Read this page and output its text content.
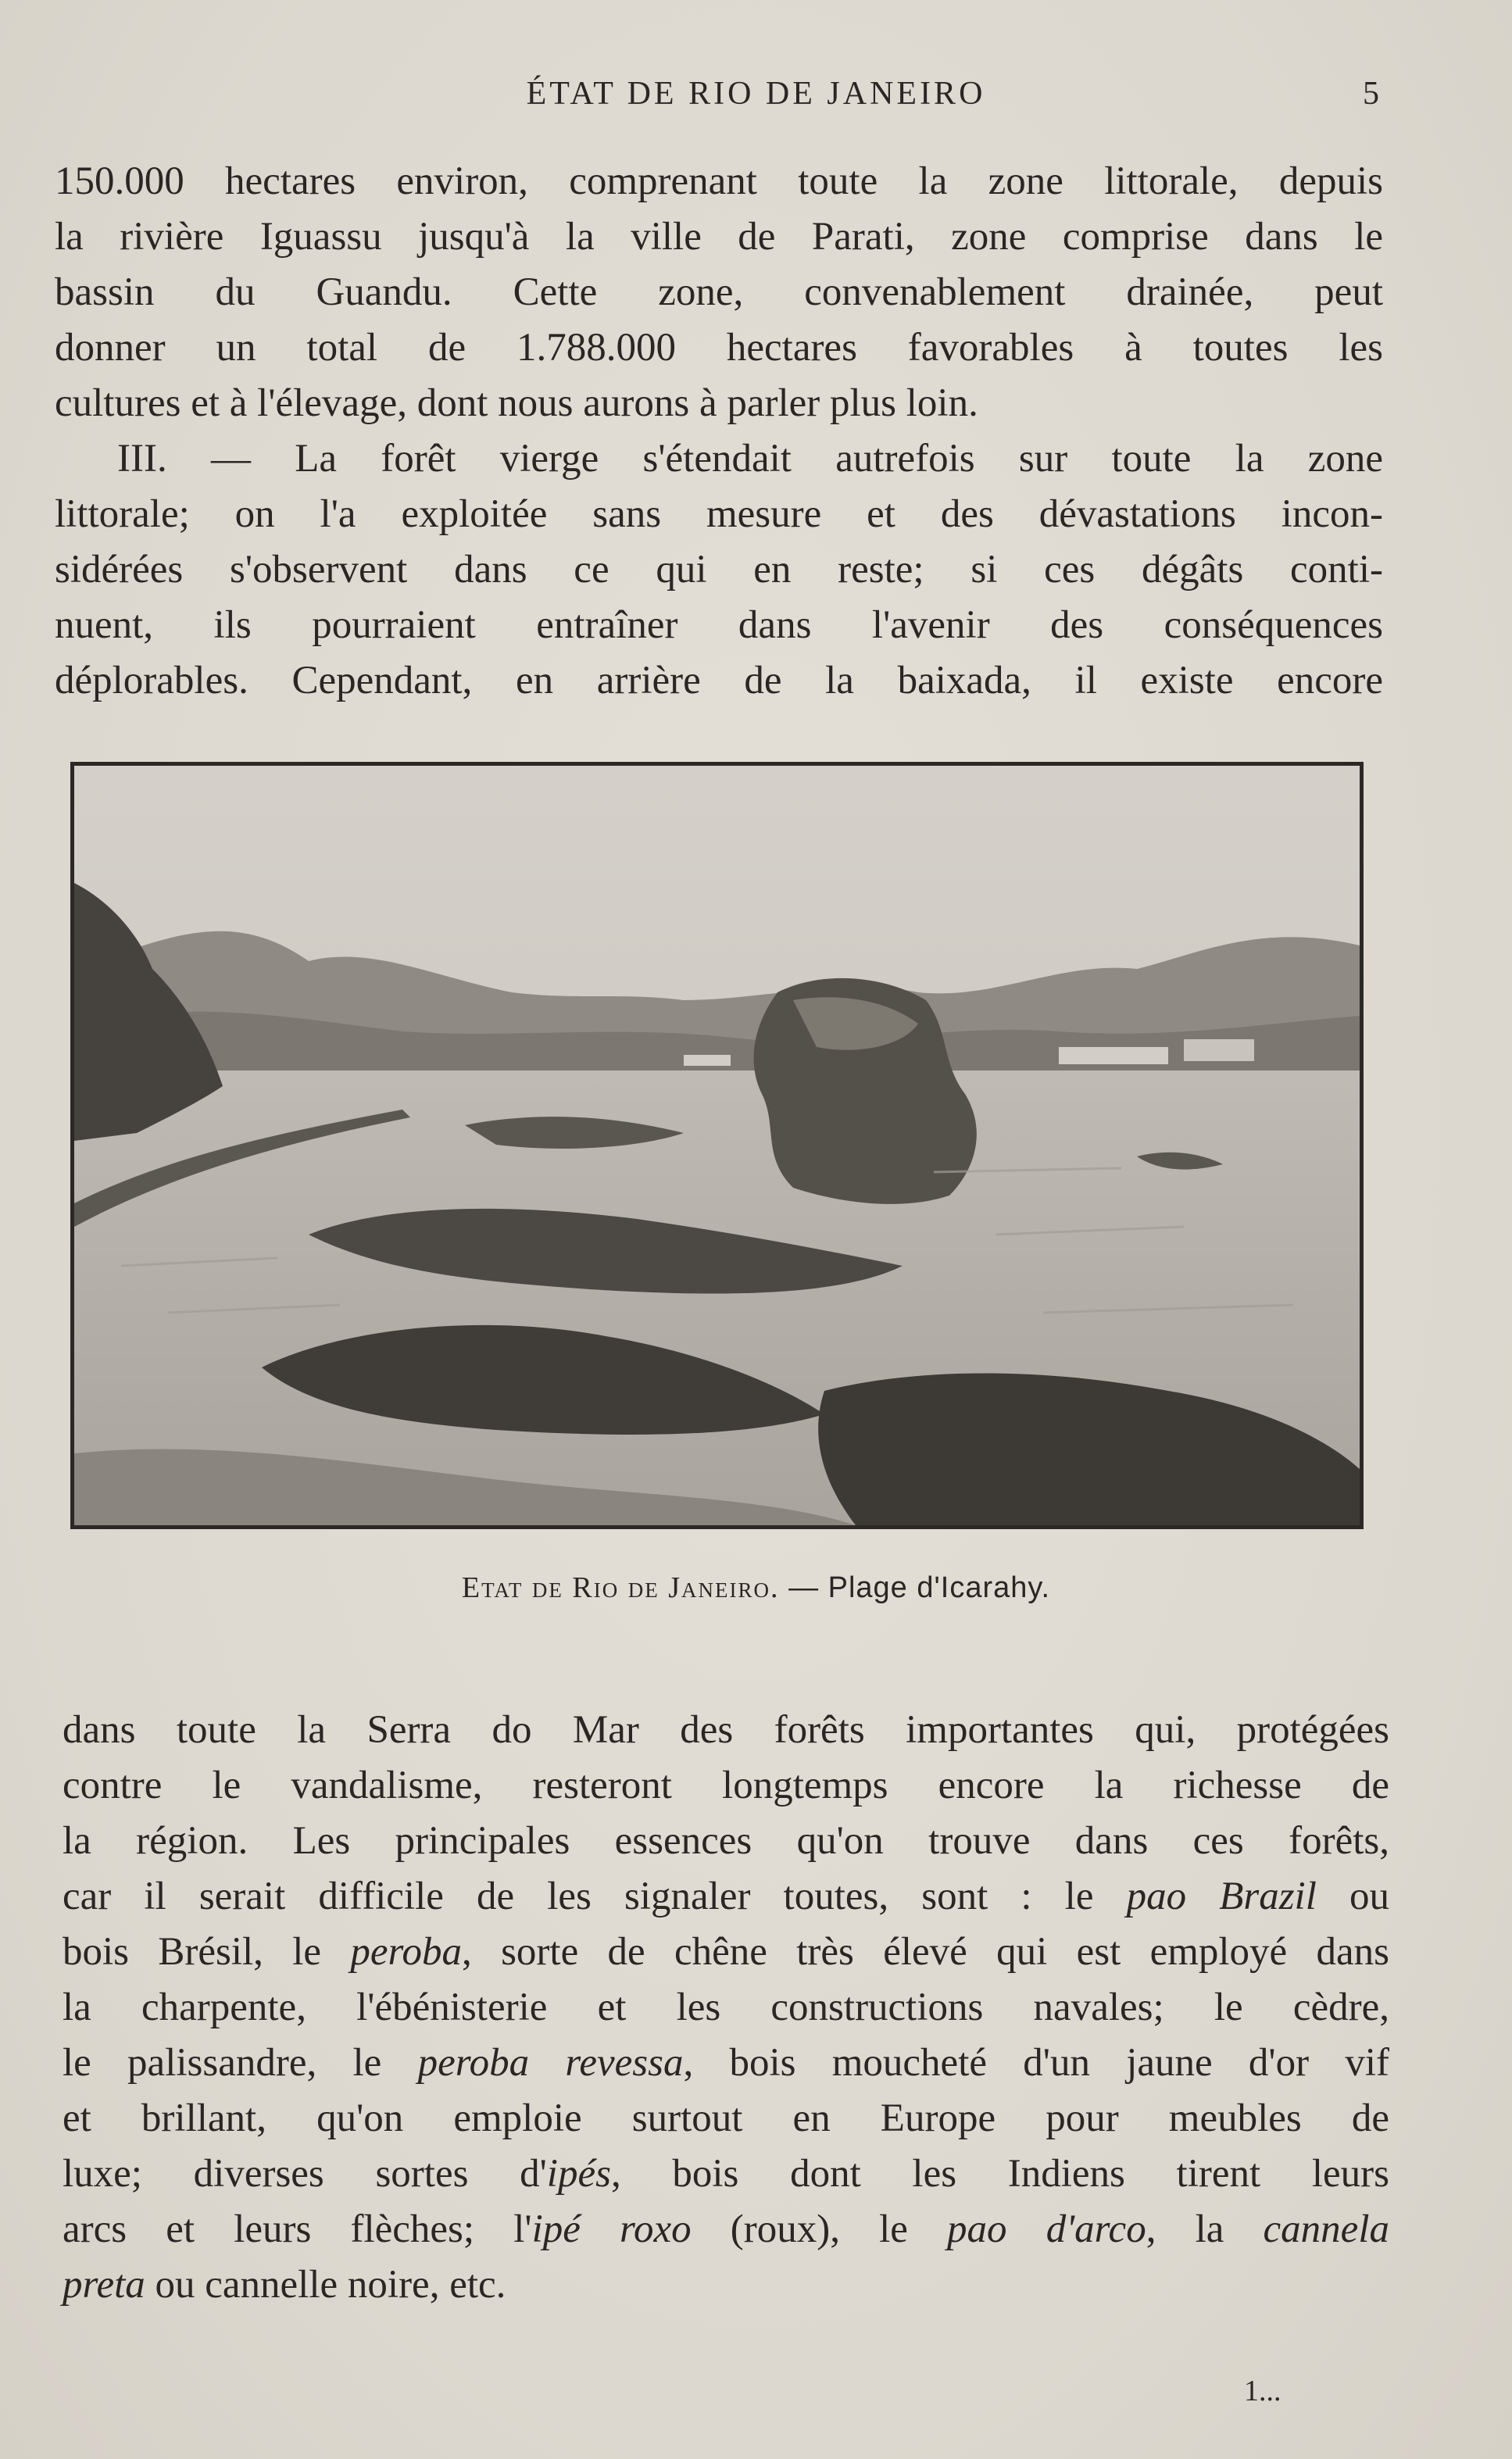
ÉTAT DE RIO DE JANEIRO	5
150.000 hectares environ, comprenant toute la zone littorale, depuis
la rivière Iguassu jusqu'à la ville de Parati, zone comprise dans le
bassin du Guandu. Cette zone, convenablement drainée, peut
donner un total de 1.788.000 hectares favorables à toutes les
cultures et à l'élevage, dont nous aurons à parler plus loin.
III. — La forêt vierge s'étendait autrefois sur toute la zone
littorale; on l'a exploitée sans mesure et des dévastations incon-
sidérées s'observent dans ce qui en reste; si ces dégâts conti-
nuent, ils pourraient entraîner dans l'avenir des conséquences
déplorables. Cependant, en arrière de la baixada, il existe encore
Etat de Rio de Janeiro. — Plage d'Icarahy.
dans toute la Serra do Mar des forêts importantes qui, protégées
contre le vandalisme, resteront longtemps encore la richesse de
la région. Les principales essences qu'on trouve dans ces forêts,
car il serait difficile de les signaler toutes, sont : le pao Brazil ou
bois Brésil, le peroba, sorte de chêne très élevé qui est employé dans
la charpente, l'ébénisterie et les constructions navales; le cèdre,
le palissandre, le peroba revessa, bois moucheté d'un jaune d'or vif
et brillant, qu'on emploie surtout en Europe pour meubles de
luxe; diverses sortes d'ipés, bois dont les Indiens tirent leurs
arcs et leurs flèches; l'ipé roxo (roux), le pao d'arco, la cannela
preta ou cannelle noire, etc.
1...
